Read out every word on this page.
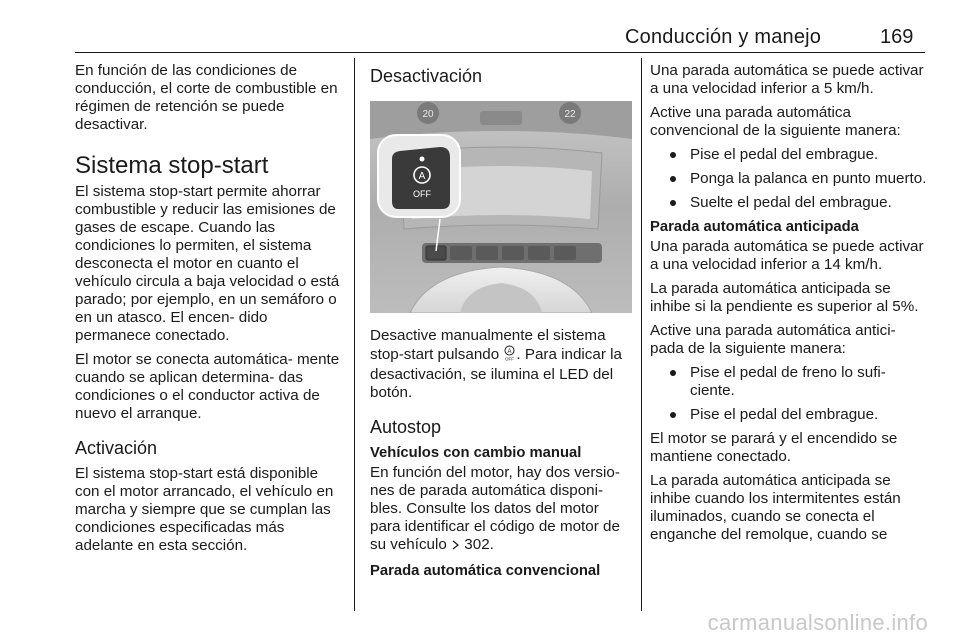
Conducción y manejo	169

En función de las condiciones de conducción, el corte de combustible en régimen de retención se puede desactivar.

Sistema stop-start

El sistema stop-start permite ahorrar combustible y reducir las emisiones de gases de escape. Cuando las condiciones lo permiten, el sistema desconecta el motor en cuanto el vehículo circula a baja velocidad o está parado; por ejemplo, en un semáforo o en un atasco. El encen- dido permanece conectado.

El motor se conecta automática- mente cuando se aplican determina- das condiciones o el conductor activa de nuevo el arranque.

Activación

El sistema stop-start está disponible con el motor arrancado, el vehículo en marcha y siempre que se cumplan las condiciones especificadas más adelante en esta sección.

Desactivación
20	22
A
OFF

Desactive manualmente el sistema stop-start pulsando A
OFF . Para indicar la desactivación, se ilumina el LED del botón.

Autostop
Vehículos con cambio manual

En función del motor, hay dos versio- nes de parada automática disponi- bles. Consulte los datos del motor para identificar el código de motor de su vehículo 302.

Parada automática convencional

Una parada automática se puede activar a una velocidad inferior a 5 km/h.

Active una parada automática convencional de la siguiente manera:

Pise el pedal del embrague.
Ponga la palanca en punto muerto.
Suelte el pedal del embrague.
Parada automática anticipada

Una parada automática se puede activar a una velocidad inferior a 14 km/h.

La parada automática anticipada se inhibe si la pendiente es superior al 5%.

Active una parada automática antici- pada de la siguiente manera:

Pise el pedal de freno lo sufi- ciente.
Pise el pedal del embrague.

El motor se parará y el encendido se mantiene conectado.

La parada automática anticipada se inhibe cuando los intermitentes están iluminados, cuando se conecta el enganche del remolque, cuando se

carmanualsonline.info
